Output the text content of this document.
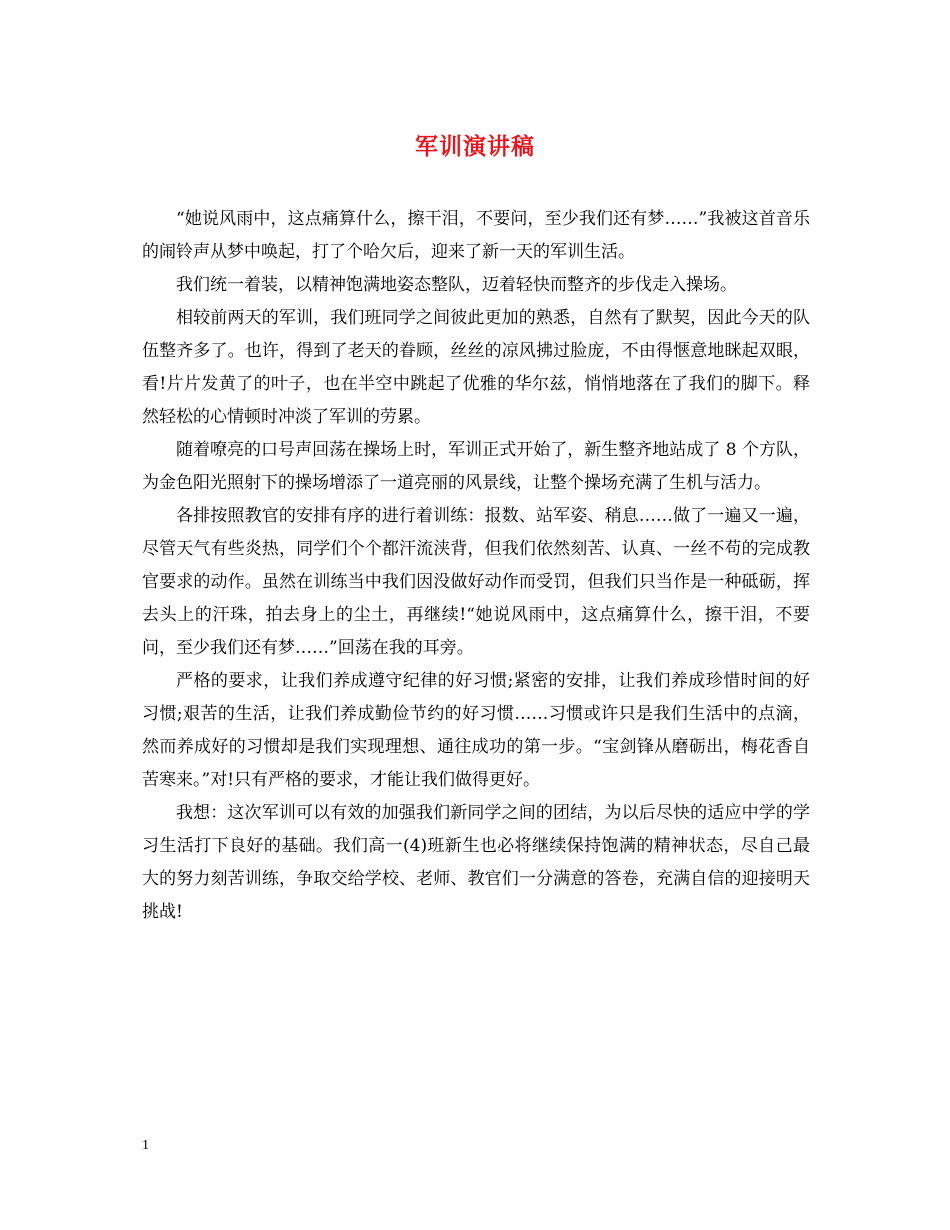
军训演讲稿

“她说风雨中，这点痛算什么，擦干泪，不要问，至少我们还有梦……”我被这首音乐的闹铃声从梦中唤起，打了个哈欠后，迎来了新一天的军训生活。

我们统一着装，以精神饱满地姿态整队，迈着轻快而整齐的步伐走入操场。

相较前两天的军训，我们班同学之间彼此更加的熟悉，自然有了默契，因此今天的队伍整齐多了。也许，得到了老天的眷顾，丝丝的凉风拂过脸庞，不由得惬意地眯起双眼，看!片片发黄了的叶子，也在半空中跳起了优雅的华尔兹，悄悄地落在了我们的脚下。释然轻松的心情顿时冲淡了军训的劳累。

随着嘹亮的口号声回荡在操场上时，军训正式开始了，新生整齐地站成了 8 个方队，为金色阳光照射下的操场增添了一道亮丽的风景线，让整个操场充满了生机与活力。

各排按照教官的安排有序的进行着训练：报数、站军姿、稍息……做了一遍又一遍，尽管天气有些炎热，同学们个个都汗流浃背，但我们依然刻苦、认真、一丝不苟的完成教官要求的动作。虽然在训练当中我们因没做好动作而受罚，但我们只当作是一种砥砺，挥去头上的汗珠，拍去身上的尘土，再继续!“她说风雨中，这点痛算什么，擦干泪，不要问，至少我们还有梦……”回荡在我的耳旁。

严格的要求，让我们养成遵守纪律的好习惯;紧密的安排，让我们养成珍惜时间的好习惯;艰苦的生活，让我们养成勤俭节约的好习惯……习惯或许只是我们生活中的点滴，然而养成好的习惯却是我们实现理想、通往成功的第一步。“宝剑锋从磨砺出，梅花香自苦寒来。”对!只有严格的要求，才能让我们做得更好。

我想：这次军训可以有效的加强我们新同学之间的团结，为以后尽快的适应中学的学习生活打下良好的基础。我们高一(4)班新生也必将继续保持饱满的精神状态，尽自己最大的努力刻苦训练，争取交给学校、老师、教官们一分满意的答卷，充满自信的迎接明天挑战!

1
